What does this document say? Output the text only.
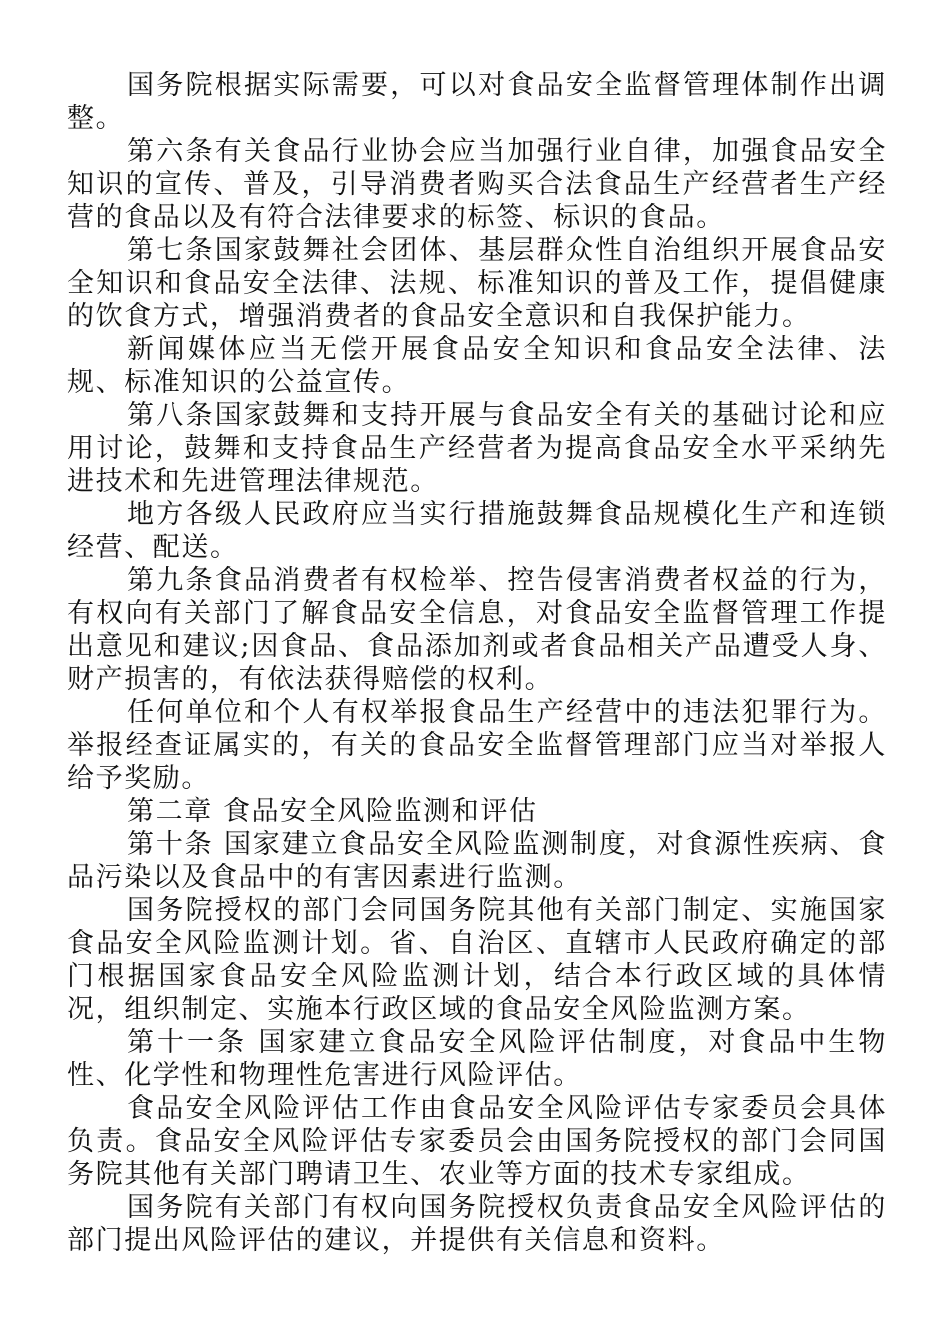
国务院根据实际需要，可以对食品安全监督管理体制作出调整。

第六条有关食品行业协会应当加强行业自律，加强食品安全知识的宣传、普及，引导消费者购买合法食品生产经营者生产经营的食品以及有符合法律要求的标签、标识的食品。

第七条国家鼓舞社会团体、基层群众性自治组织开展食品安全知识和食品安全法律、法规、标准知识的普及工作，提倡健康的饮食方式，增强消费者的食品安全意识和自我保护能力。

新闻媒体应当无偿开展食品安全知识和食品安全法律、法规、标准知识的公益宣传。

第八条国家鼓舞和支持开展与食品安全有关的基础讨论和应用讨论，鼓舞和支持食品生产经营者为提高食品安全水平采纳先进技术和先进管理法律规范。

地方各级人民政府应当实行措施鼓舞食品规模化生产和连锁经营、配送。

第九条食品消费者有权检举、控告侵害消费者权益的行为，有权向有关部门了解食品安全信息，对食品安全监督管理工作提出意见和建议;因食品、食品添加剂或者食品相关产品遭受人身、财产损害的，有依法获得赔偿的权利。

任何单位和个人有权举报食品生产经营中的违法犯罪行为。举报经查证属实的，有关的食品安全监督管理部门应当对举报人给予奖励。

第二章 食品安全风险监测和评估

第十条 国家建立食品安全风险监测制度，对食源性疾病、食品污染以及食品中的有害因素进行监测。

国务院授权的部门会同国务院其他有关部门制定、实施国家食品安全风险监测计划。省、自治区、直辖市人民政府确定的部门根据国家食品安全风险监测计划，结合本行政区域的具体情况，组织制定、实施本行政区域的食品安全风险监测方案。

第十一条 国家建立食品安全风险评估制度，对食品中生物性、化学性和物理性危害进行风险评估。

食品安全风险评估工作由食品安全风险评估专家委员会具体负责。食品安全风险评估专家委员会由国务院授权的部门会同国务院其他有关部门聘请卫生、农业等方面的技术专家组成。

国务院有关部门有权向国务院授权负责食品安全风险评估的部门提出风险评估的建议，并提供有关信息和资料。
